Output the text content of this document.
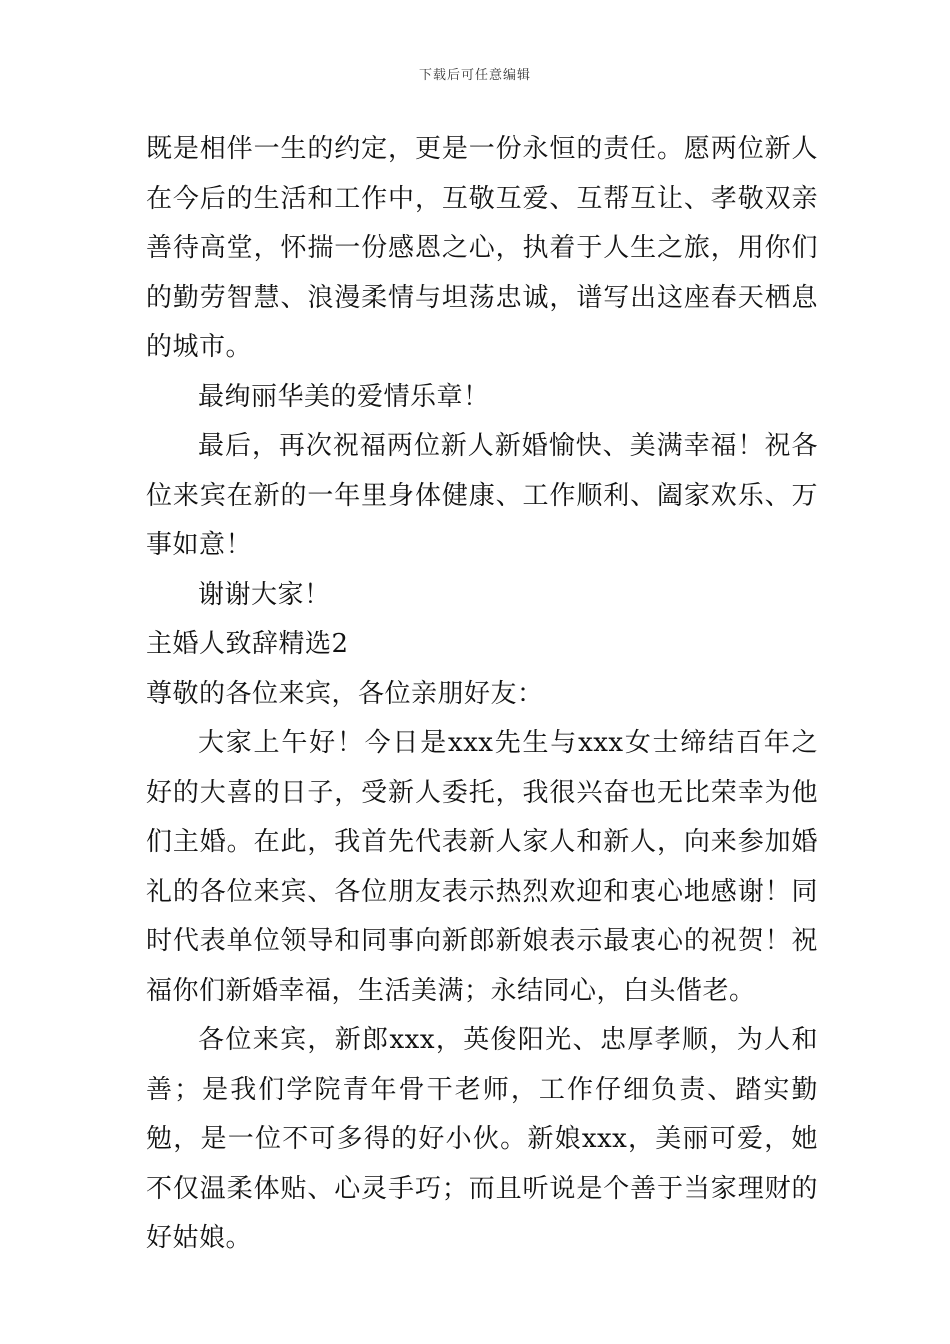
下载后可任意编辑

既是相伴一生的约定，更是一份永恒的责任。愿两位新人在今后的生活和工作中，互敬互爱、互帮互让、孝敬双亲善待高堂，怀揣一份感恩之心，执着于人生之旅，用你们的勤劳智慧、浪漫柔情与坦荡忠诚，谱写出这座春天栖息的城市。

最绚丽华美的爱情乐章！

最后，再次祝福两位新人新婚愉快、美满幸福！祝各位来宾在新的一年里身体健康、工作顺利、阖家欢乐、万事如意！

谢谢大家！

主婚人致辞精选2

尊敬的各位来宾，各位亲朋好友：

大家上午好！今日是xxx先生与xxx女士缔结百年之好的大喜的日子，受新人委托，我很兴奋也无比荣幸为他们主婚。在此，我首先代表新人家人和新人，向来参加婚礼的各位来宾、各位朋友表示热烈欢迎和衷心地感谢！同时代表单位领导和同事向新郎新娘表示最衷心的祝贺！祝福你们新婚幸福，生活美满；永结同心，白头偕老。

各位来宾，新郎xxx，英俊阳光、忠厚孝顺，为人和善；是我们学院青年骨干老师，工作仔细负责、踏实勤勉，是一位不可多得的好小伙。新娘xxx，美丽可爱，她不仅温柔体贴、心灵手巧；而且听说是个善于当家理财的好姑娘。
